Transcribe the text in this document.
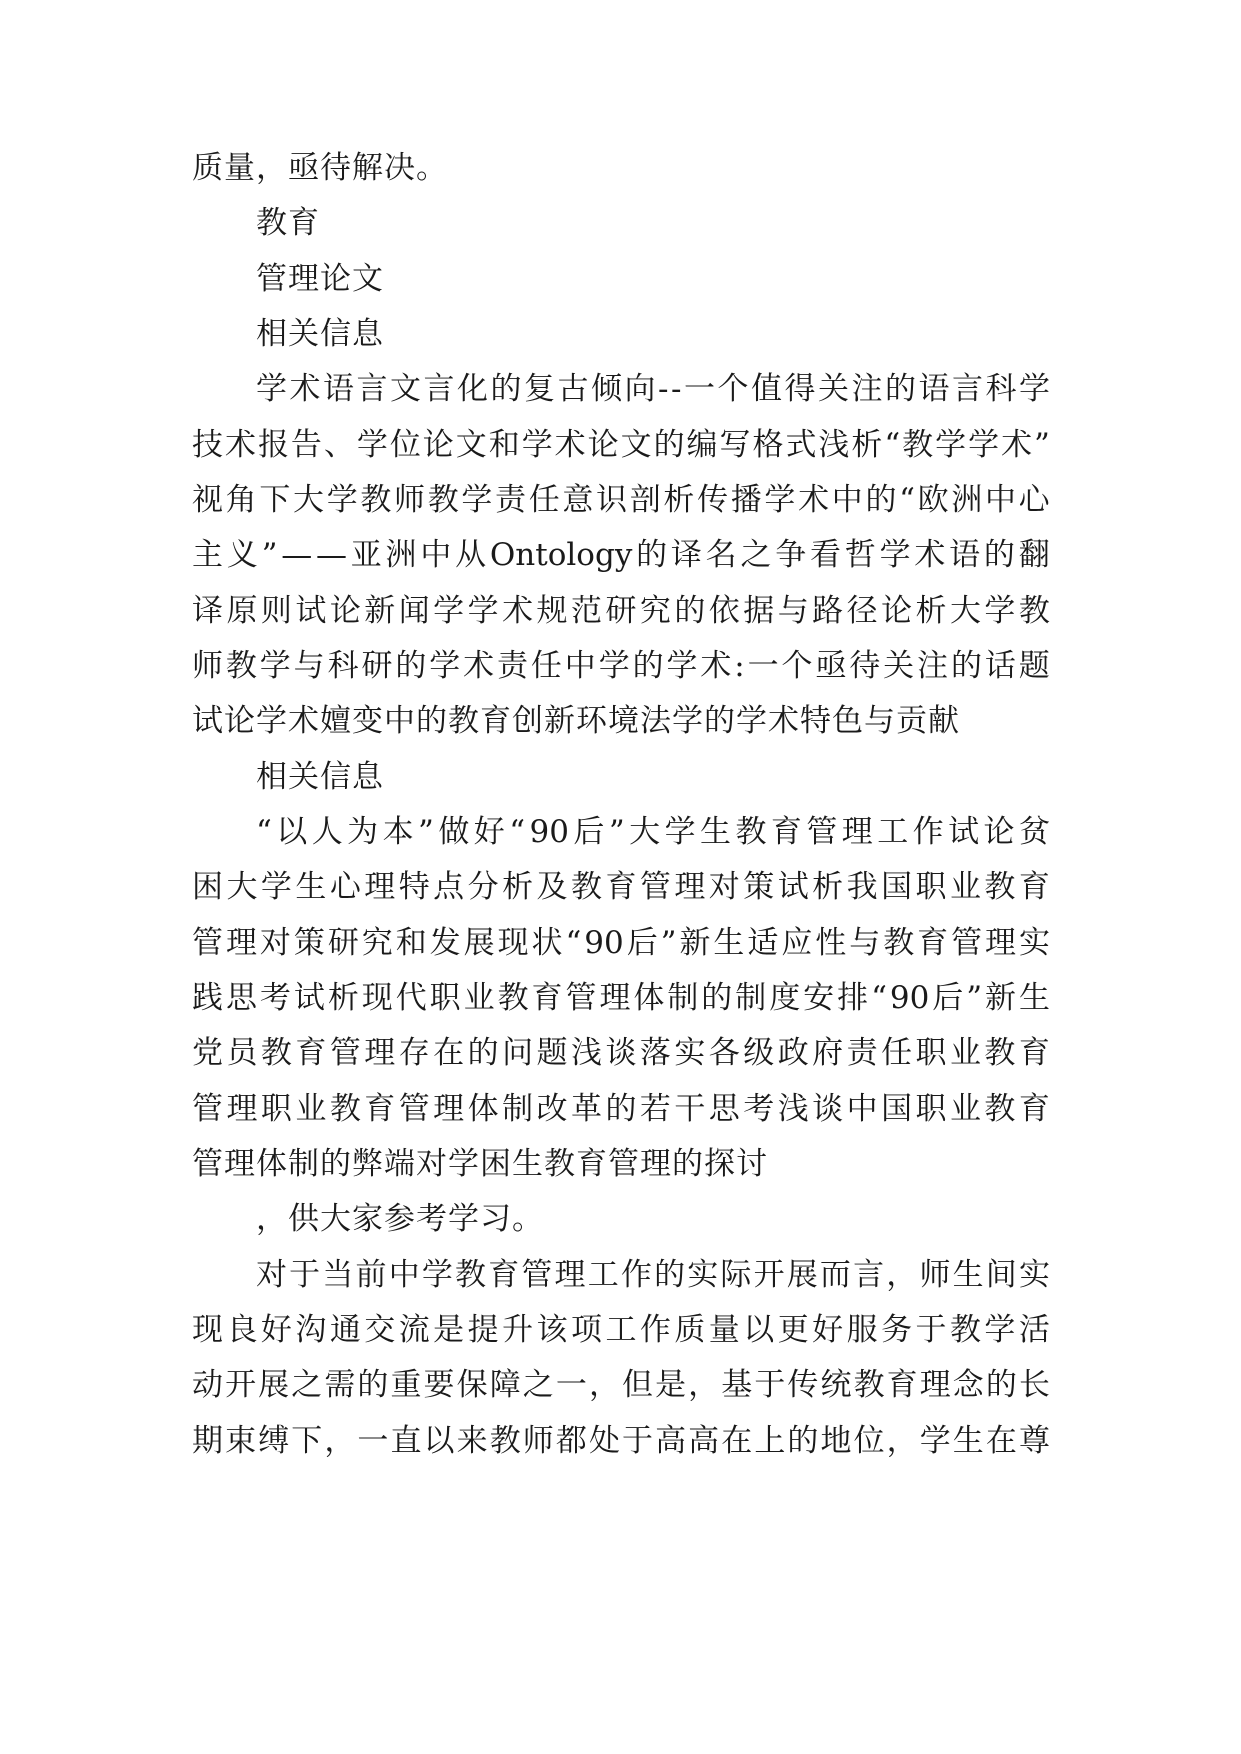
质量，亟待解决。
教育
管理论文
相关信息
学 术 语 言 文 言 化 的 复 古 倾 向 - - 一 个 值 得 关 注 的 语 言 科 学
技 术 报 告 、 学 位 论 文 和 学 术 论 文 的 编 写 格 式 浅 析 “ 教 学 学 术 ”
视 角 下 大 学 教 师 教 学 责 任 意 识 剖 析 传 播 学 术 中 的 “ 欧 洲 中 心
主 义 ” — — 亚 洲 中 从 Ontology 的 译 名 之 争 看 哲 学 术 语 的 翻
译 原 则 试 论 新 闻 学 学 术 规 范 研 究 的 依 据 与 路 径 论 析 大 学 教
师 教 学 与 科 研 的 学 术 责 任 中 学 的 学 术 : 一 个 亟 待 关 注 的 话 题
试论学术嬗变中的教育创新环境法学的学术特色与贡献
相关信息
“ 以 人 为 本 ” 做 好 “ 90 后 ” 大 学 生 教 育 管 理 工 作 试 论 贫
困 大 学 生 心 理 特 点 分 析 及 教 育 管 理 对 策 试 析 我 国 职 业 教 育
管 理 对 策 研 究 和 发 展 现 状 “ 90 后 ” 新 生 适 应 性 与 教 育 管 理 实
践 思 考 试 析 现 代 职 业 教 育 管 理 体 制 的 制 度 安 排 “ 90 后 ” 新 生
党 员 教 育 管 理 存 在 的 问 题 浅 谈 落 实 各 级 政 府 责 任 职 业 教 育
管 理 职 业 教 育 管 理 体 制 改 革 的 若 干 思 考 浅 谈 中 国 职 业 教 育
管理体制的弊端对学困生教育管理的探讨
，供大家参考学习。
对 于 当 前 中 学 教 育 管 理 工 作 的 实 际 开 展 而 言 ， 师 生 间 实
现 良 好 沟 通 交 流 是 提 升 该 项 工 作 质 量 以 更 好 服 务 于 教 学 活
动 开 展 之 需 的 重 要 保 障 之 一 ， 但 是 ， 基 于 传 统 教 育 理 念 的 长
期 束 缚 下 ， 一 直 以 来 教 师 都 处 于 高 高 在 上 的 地 位 ， 学 生 在 尊
